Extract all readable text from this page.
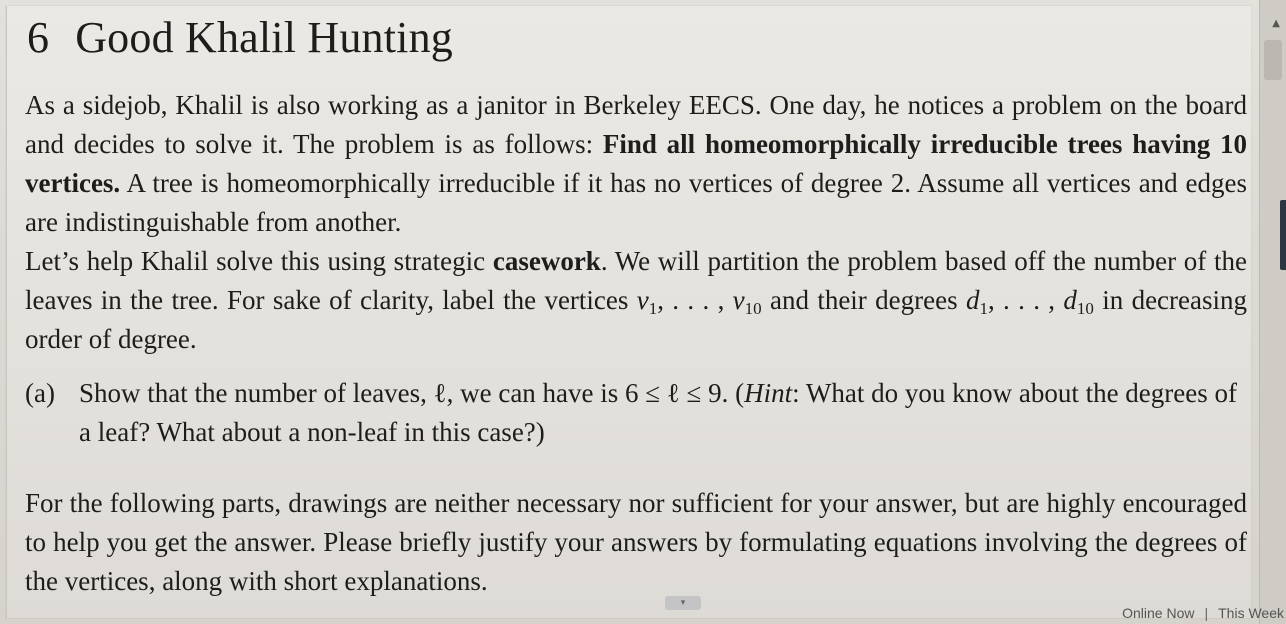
6 Good Khalil Hunting

As a sidejob, Khalil is also working as a janitor in Berkeley EECS. One day, he notices a problem on the board and decides to solve it. The problem is as follows: Find all homeomorphically irreducible trees having 10 vertices. A tree is homeomorphically irreducible if it has no vertices of degree 2. Assume all vertices and edges are indistinguishable from another.
Let’s help Khalil solve this using strategic casework. We will partition the problem based off the number of the leaves in the tree. For sake of clarity, label the vertices $v_1$, . . . , $v_{10}$ and their degrees $d_1$, . . . , $d_{10}$ in decreasing order of degree.

(a) Show that the number of leaves, ℓ, we can have is 6 ≤ ℓ ≤ 9. (Hint: What do you know about the degrees of a leaf? What about a non-leaf in this case?)

For the following parts, drawings are neither necessary nor sufficient for your answer, but are highly encouraged to help you get the answer. Please briefly justify your answers by formulating equations involving the degrees of the vertices, along with short explanations.

▾
▲
Online Now | This Week
